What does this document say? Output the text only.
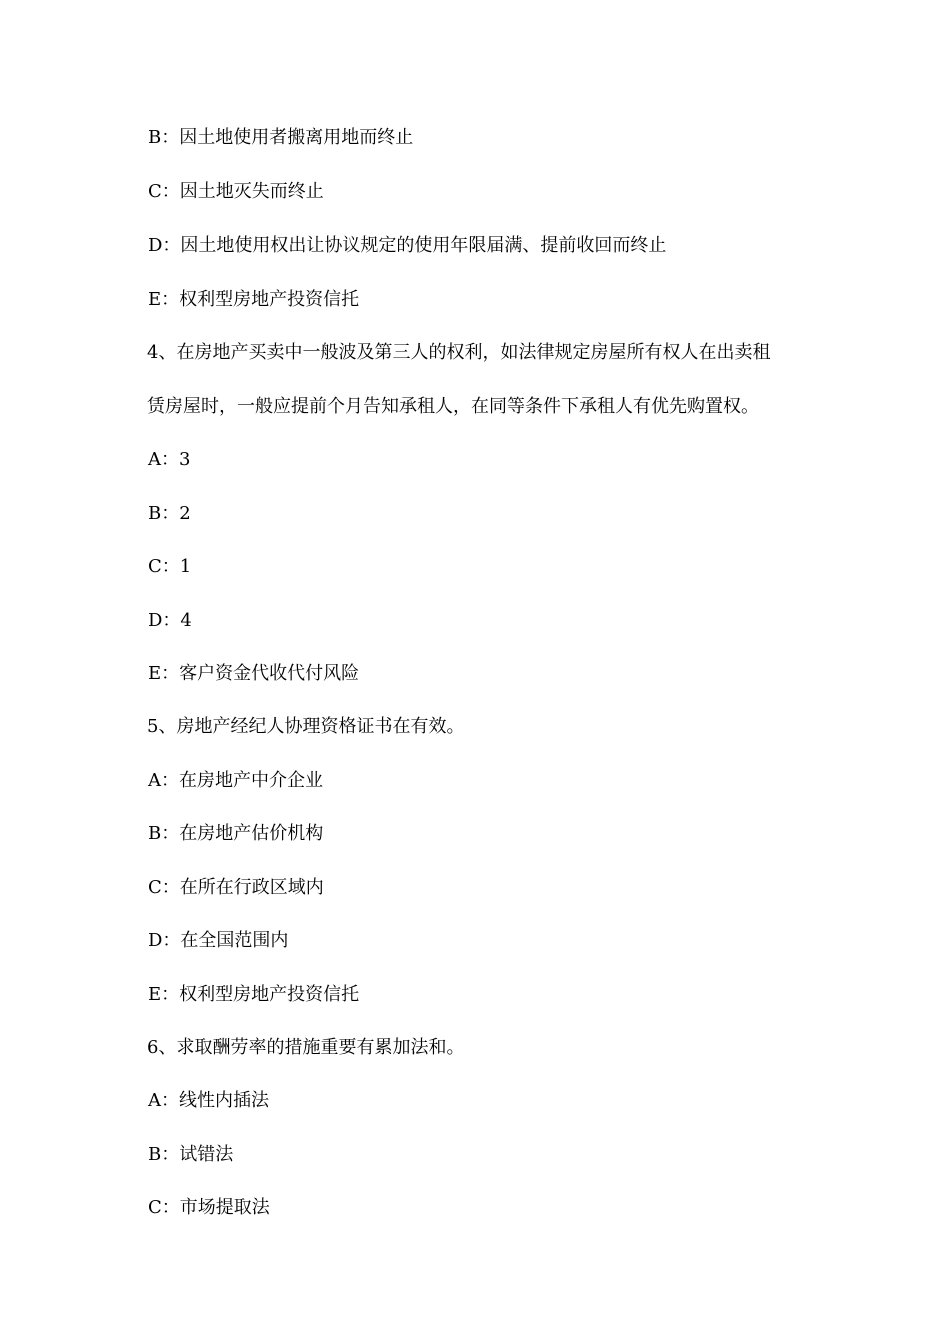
B：因土地使用者搬离用地而终止
C：因土地灭失而终止
D：因土地使用权出让协议规定的使用年限届满、提前收回而终止
E：权利型房地产投资信托
4、在房地产买卖中一般波及第三人的权利，如法律规定房屋所有权人在出卖租
赁房屋时，一般应提前个月告知承租人，在同等条件下承租人有优先购置权。
A：3
B：2
C：1
D：4
E：客户资金代收代付风险
5、房地产经纪人协理资格证书在有效。
A：在房地产中介企业
B：在房地产估价机构
C：在所在行政区域内
D：在全国范围内
E：权利型房地产投资信托
6、求取酬劳率的措施重要有累加法和。
A：线性内插法
B：试错法
C：市场提取法
